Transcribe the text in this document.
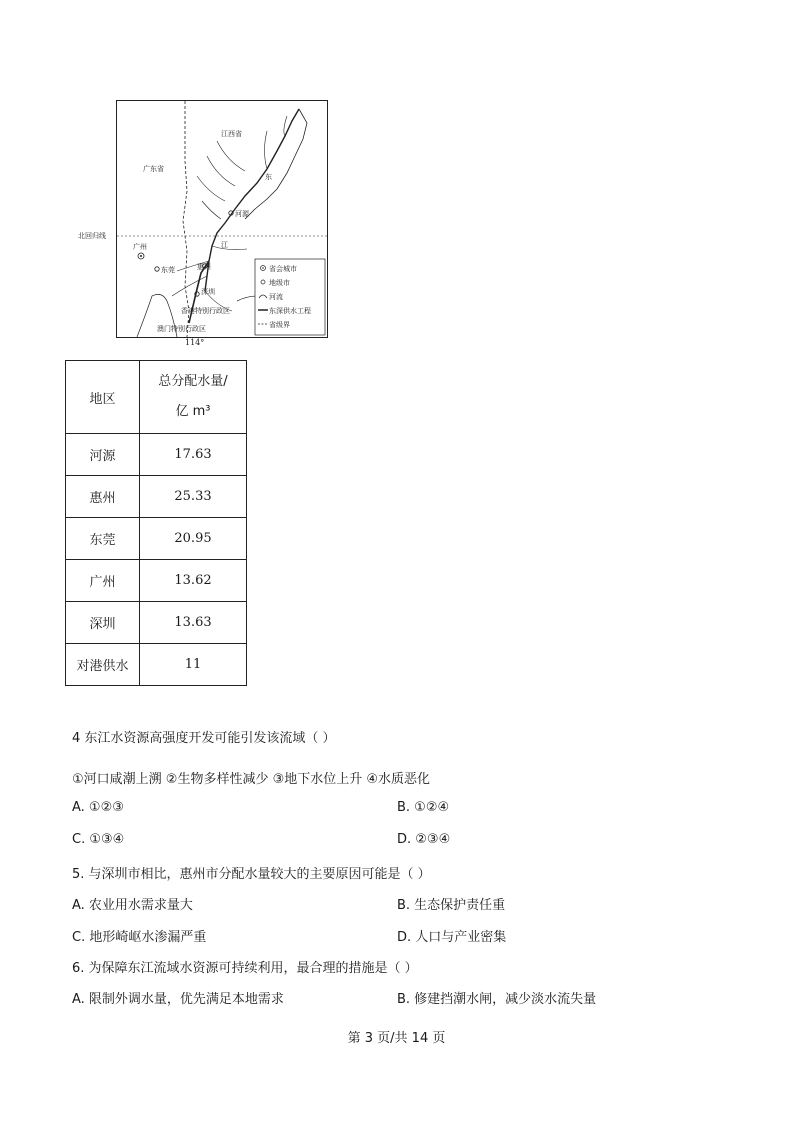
江西省
广东省
东
江
河源
广州
东莞	惠州
深圳
香港特别行政区
澳门特别行政区
省会城市
地级市
河流
东深供水工程
省级界
114°
北回归线
地区	总分配水量/
亿 m³

河源	17.63
惠州	25.33
东莞	20.95
广州	13.62
深圳	13.63
对港供水	11
4 东江水资源高强度开发可能引发该流域（ ）
①河口咸潮上溯 ②生物多样性减少 ③地下水位上升 ④水质恶化
A. ①②③	B. ①②④
C. ①③④	D. ②③④
5. 与深圳市相比，惠州市分配水量较大的主要原因可能是（ ）
A. 农业用水需求量大	B. 生态保护责任重
C. 地形崎岖水渗漏严重	D. 人口与产业密集
6. 为保障东江流域水资源可持续利用，最合理的措施是（ ）
A. 限制外调水量，优先满足本地需求	B. 修建挡潮水闸，减少淡水流失量
第 3 页/共 14 页
